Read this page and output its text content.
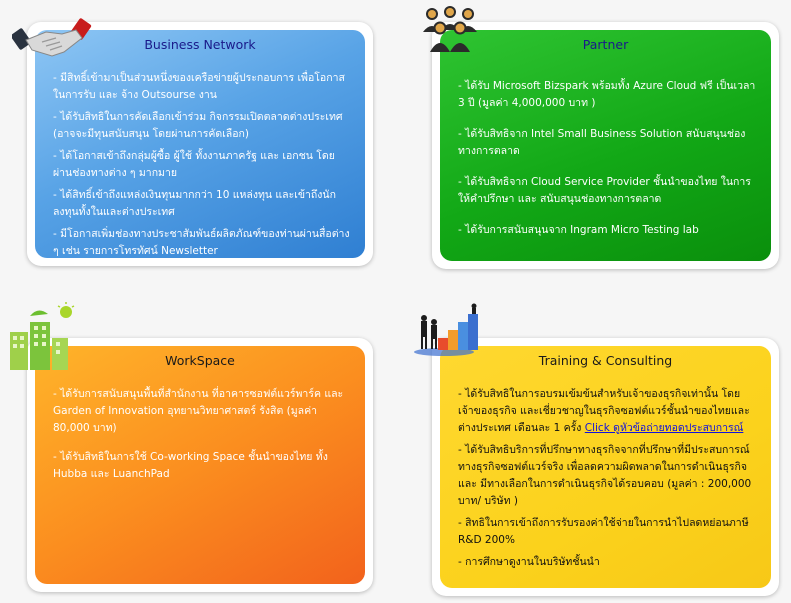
Business Network

- มีสิทธิ์เข้ามาเป็นส่วนหนึ่งของเครือข่ายผู้ประกอบการ เพื่อโอกาสในการรับ และ จ้าง Outsourse งาน

- ได้รับสิทธิในการคัดเลือกเข้าร่วม กิจกรรมเปิดตลาดต่างประเทศ (อาจจะมีทุนสนับสนุน โดยผ่านการคัดเลือก)

- ได้โอกาสเข้าถึงกลุ่มผู้ซื้อ ผู้ใช้ ทั้งงานภาครัฐ และ เอกชน โดยผ่านช่องทางต่าง ๆ มากมาย

- ได้สิทธิ์เข้าถึงแหล่งเงินทุนมากกว่า 10 แหล่งทุน และเข้าถึงนักลงทุนทั้งในและต่างประเทศ

- มีโอกาสเพิ่มช่องทางประชาสัมพันธ์ผลิตภัณฑ์ของท่านผ่านสื่อต่าง ๆ เช่น รายการโทรทัศน์ Newsletter

Partner

- ได้รับ Microsoft Bizspark พร้อมทั้ง Azure Cloud ฟรี เป็นเวลา 3 ปี (มูลค่า 4,000,000 บาท )

- ได้รับสิทธิจาก Intel Small Business Solution สนับสนุนช่องทางการตลาด

- ได้รับสิทธิจาก Cloud Service Provider ชั้นนำของไทย ในการให้คำปรึกษา และ สนับสนุนช่องทางการตลาด

- ได้รับการสนับสนุนจาก Ingram Micro Testing lab

WorkSpace

- ได้รับการสนับสนุนพื้นที่สำนักงาน ที่อาคารซอฟต์แวร์พาร์ค และ Garden of Innovation อุทยานวิทยาศาสตร์ รังสิต (มูลค่า 80,000 บาท)

- ได้รับสิทธิในการใช้ Co-working Space ชั้นนำของไทย ทั้ง Hubba และ LuanchPad

Training & Consulting

- ได้รับสิทธิในการอบรมเข้มข้นสำหรับเจ้าของธุรกิจเท่านั้น โดยเจ้าของธุรกิจ และเชี่ยวชาญในธุรกิจซอฟต์แวร์ชั้นนำของไทยและต่างประเทศ เดือนละ 1 ครั้ง Click ดูหัวข้อถ่ายทอดประสบการณ์

- ได้รับสิทธิบริการที่ปรึกษาทางธุรกิจจากที่ปรึกษาที่มีประสบการณ์ทางธุรกิจซอฟต์แวร์จริง เพื่อลดความผิดพลาดในการดำเนินธุรกิจ และ มีทางเลือกในการดำเนินธุรกิจได้รอบคอบ (มูลค่า : 200,000 บาท/ บริษัท )

- สิทธิในการเข้าถึงการรับรองค่าใช้จ่ายในการนำไปลดหย่อนภาษี R&D 200%

- การศึกษาดูงานในบริษัทชั้นนำ
